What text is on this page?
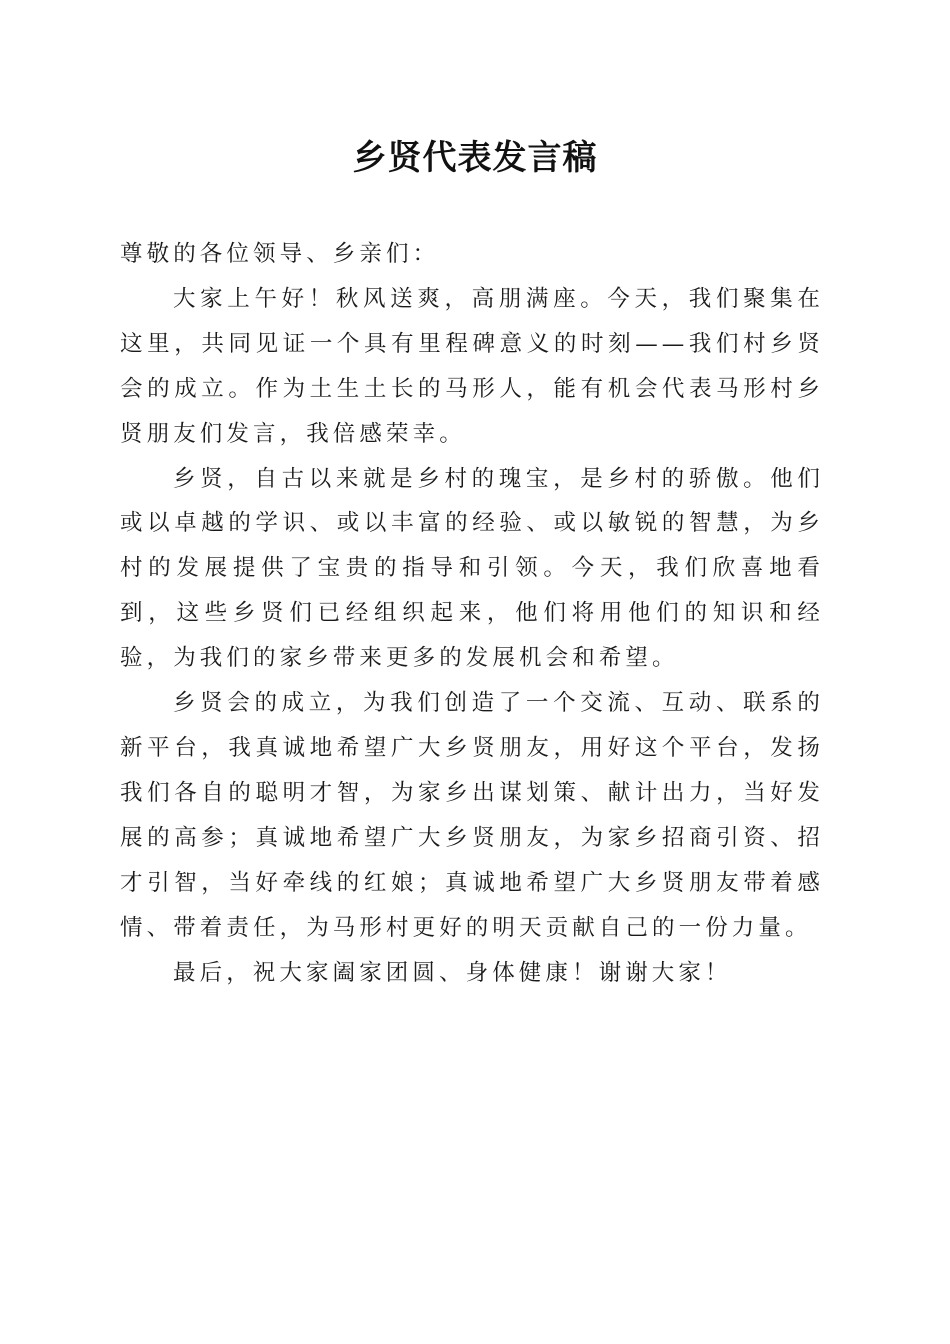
乡贤代表发言稿

尊敬的各位领导、乡亲们：

大家上午好！秋风送爽，高朋满座。今天，我们聚集在这里，共同见证一个具有里程碑意义的时刻——我们村乡贤会的成立。作为土生土长的马形人，能有机会代表马形村乡贤朋友们发言，我倍感荣幸。

乡贤，自古以来就是乡村的瑰宝，是乡村的骄傲。他们或以卓越的学识、或以丰富的经验、或以敏锐的智慧，为乡村的发展提供了宝贵的指导和引领。今天，我们欣喜地看到，这些乡贤们已经组织起来，他们将用他们的知识和经验，为我们的家乡带来更多的发展机会和希望。

乡贤会的成立，为我们创造了一个交流、互动、联系的新平台，我真诚地希望广大乡贤朋友，用好这个平台，发扬我们各自的聪明才智，为家乡出谋划策、献计出力，当好发展的高参；真诚地希望广大乡贤朋友，为家乡招商引资、招才引智，当好牵线的红娘；真诚地希望广大乡贤朋友带着感情、带着责任，为马形村更好的明天贡献自己的一份力量。

最后，祝大家阖家团圆、身体健康！谢谢大家！
